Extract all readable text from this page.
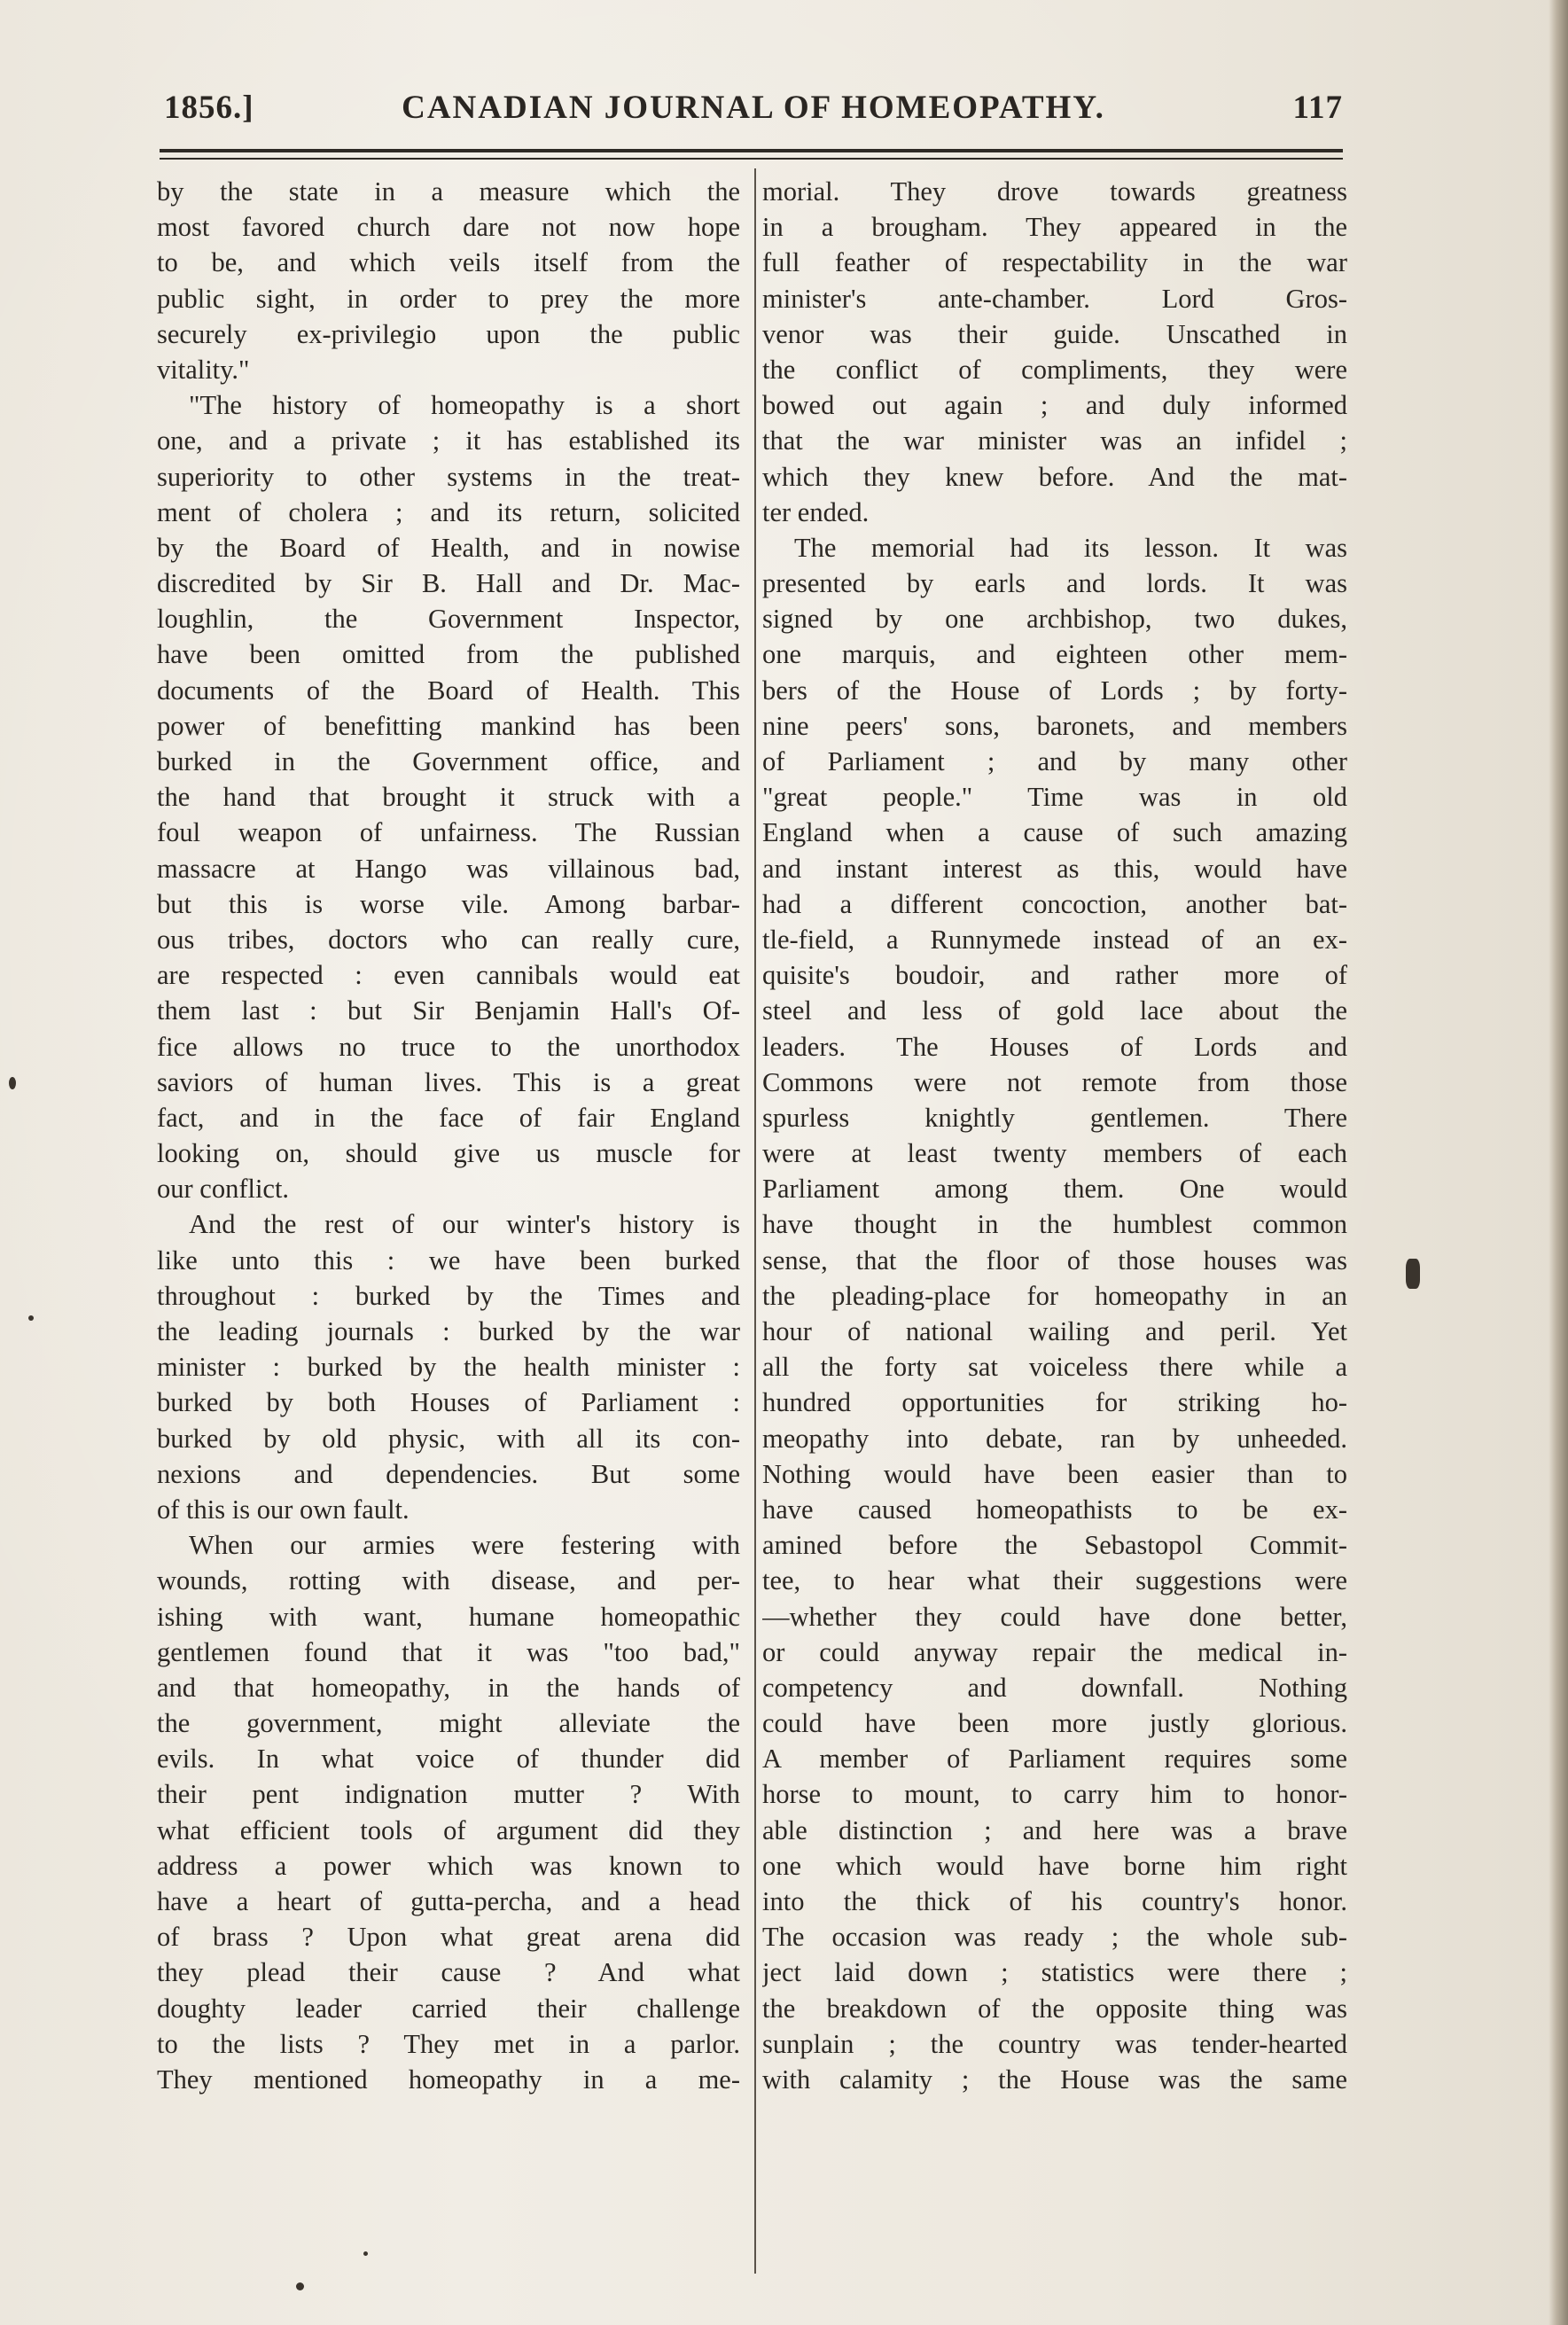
1856.]	CANADIAN JOURNAL OF HOMEOPATHY.	117
by the state in a measure which the
most favored church dare not now hope
to be, and which veils itself from the
public sight, in order to prey the more
securely ex-privilegio upon the public
vitality."
"The history of homeopathy is a short
one, and a private ; it has established its
superiority to other systems in the treat-
ment of cholera ; and its return, solicited
by the Board of Health, and in nowise
discredited by Sir B. Hall and Dr. Mac-
loughlin, the Government Inspector,
have been omitted from the published
documents of the Board of Health. This
power of benefitting mankind has been
burked in the Government office, and
the hand that brought it struck with a
foul weapon of unfairness. The Russian
massacre at Hango was villainous bad,
but this is worse vile. Among barbar-
ous tribes, doctors who can really cure,
are respected : even cannibals would eat
them last : but Sir Benjamin Hall's Of-
fice allows no truce to the unorthodox
saviors of human lives. This is a great
fact, and in the face of fair England
looking on, should give us muscle for
our conflict.
And the rest of our winter's history is
like unto this : we have been burked
throughout : burked by the Times and
the leading journals : burked by the war
minister : burked by the health minister :
burked by both Houses of Parliament :
burked by old physic, with all its con-
nexions and dependencies. But some
of this is our own fault.
When our armies were festering with
wounds, rotting with disease, and per-
ishing with want, humane homeopathic
gentlemen found that it was "too bad,"
and that homeopathy, in the hands of
the government, might alleviate the
evils. In what voice of thunder did
their pent indignation mutter ? With
what efficient tools of argument did they
address a power which was known to
have a heart of gutta-percha, and a head
of brass ? Upon what great arena did
they plead their cause ? And what
doughty leader carried their challenge
to the lists ? They met in a parlor.
They mentioned homeopathy in a me-
morial. They drove towards greatness
in a brougham. They appeared in the
full feather of respectability in the war
minister's ante-chamber. Lord Gros-
venor was their guide. Unscathed in
the conflict of compliments, they were
bowed out again ; and duly informed
that the war minister was an infidel ;
which they knew before. And the mat-
ter ended.
The memorial had its lesson. It was
presented by earls and lords. It was
signed by one archbishop, two dukes,
one marquis, and eighteen other mem-
bers of the House of Lords ; by forty-
nine peers' sons, baronets, and members
of Parliament ; and by many other
"great people." Time was in old
England when a cause of such amazing
and instant interest as this, would have
had a different concoction, another bat-
tle-field, a Runnymede instead of an ex-
quisite's boudoir, and rather more of
steel and less of gold lace about the
leaders. The Houses of Lords and
Commons were not remote from those
spurless knightly gentlemen. There
were at least twenty members of each
Parliament among them. One would
have thought in the humblest common
sense, that the floor of those houses was
the pleading-place for homeopathy in an
hour of national wailing and peril. Yet
all the forty sat voiceless there while a
hundred opportunities for striking ho-
meopathy into debate, ran by unheeded.
Nothing would have been easier than to
have caused homeopathists to be ex-
amined before the Sebastopol Commit-
tee, to hear what their suggestions were
—whether they could have done better,
or could anyway repair the medical in-
competency and downfall. Nothing
could have been more justly glorious.
A member of Parliament requires some
horse to mount, to carry him to honor-
able distinction ; and here was a brave
one which would have borne him right
into the thick of his country's honor.
The occasion was ready ; the whole sub-
ject laid down ; statistics were there ;
the breakdown of the opposite thing was
sunplain ; the country was tender-hearted
with calamity ; the House was the same
